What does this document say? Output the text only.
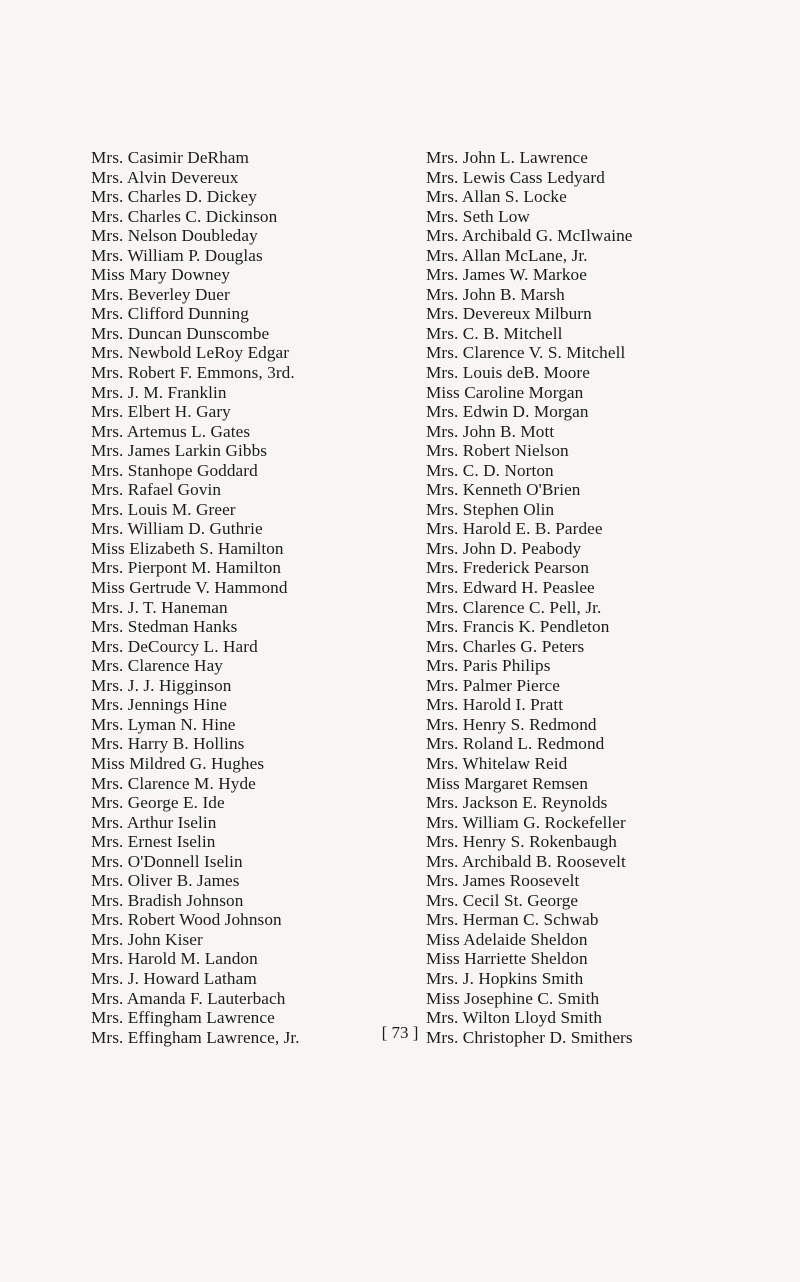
Mrs. Casimir DeRham
Mrs. Alvin Devereux
Mrs. Charles D. Dickey
Mrs. Charles C. Dickinson
Mrs. Nelson Doubleday
Mrs. William P. Douglas
Miss Mary Downey
Mrs. Beverley Duer
Mrs. Clifford Dunning
Mrs. Duncan Dunscombe
Mrs. Newbold LeRoy Edgar
Mrs. Robert F. Emmons, 3rd.
Mrs. J. M. Franklin
Mrs. Elbert H. Gary
Mrs. Artemus L. Gates
Mrs. James Larkin Gibbs
Mrs. Stanhope Goddard
Mrs. Rafael Govin
Mrs. Louis M. Greer
Mrs. William D. Guthrie
Miss Elizabeth S. Hamilton
Mrs. Pierpont M. Hamilton
Miss Gertrude V. Hammond
Mrs. J. T. Haneman
Mrs. Stedman Hanks
Mrs. DeCourcy L. Hard
Mrs. Clarence Hay
Mrs. J. J. Higginson
Mrs. Jennings Hine
Mrs. Lyman N. Hine
Mrs. Harry B. Hollins
Miss Mildred G. Hughes
Mrs. Clarence M. Hyde
Mrs. George E. Ide
Mrs. Arthur Iselin
Mrs. Ernest Iselin
Mrs. O'Donnell Iselin
Mrs. Oliver B. James
Mrs. Bradish Johnson
Mrs. Robert Wood Johnson
Mrs. John Kiser
Mrs. Harold M. Landon
Mrs. J. Howard Latham
Mrs. Amanda F. Lauterbach
Mrs. Effingham Lawrence
Mrs. Effingham Lawrence, Jr.
Mrs. John L. Lawrence
Mrs. Lewis Cass Ledyard
Mrs. Allan S. Locke
Mrs. Seth Low
Mrs. Archibald G. McIlwaine
Mrs. Allan McLane, Jr.
Mrs. James W. Markoe
Mrs. John B. Marsh
Mrs. Devereux Milburn
Mrs. C. B. Mitchell
Mrs. Clarence V. S. Mitchell
Mrs. Louis deB. Moore
Miss Caroline Morgan
Mrs. Edwin D. Morgan
Mrs. John B. Mott
Mrs. Robert Nielson
Mrs. C. D. Norton
Mrs. Kenneth O'Brien
Mrs. Stephen Olin
Mrs. Harold E. B. Pardee
Mrs. John D. Peabody
Mrs. Frederick Pearson
Mrs. Edward H. Peaslee
Mrs. Clarence C. Pell, Jr.
Mrs. Francis K. Pendleton
Mrs. Charles G. Peters
Mrs. Paris Philips
Mrs. Palmer Pierce
Mrs. Harold I. Pratt
Mrs. Henry S. Redmond
Mrs. Roland L. Redmond
Mrs. Whitelaw Reid
Miss Margaret Remsen
Mrs. Jackson E. Reynolds
Mrs. William G. Rockefeller
Mrs. Henry S. Rokenbaugh
Mrs. Archibald B. Roosevelt
Mrs. James Roosevelt
Mrs. Cecil St. George
Mrs. Herman C. Schwab
Miss Adelaide Sheldon
Miss Harriette Sheldon
Mrs. J. Hopkins Smith
Miss Josephine C. Smith
Mrs. Wilton Lloyd Smith
Mrs. Christopher D. Smithers
[ 73 ]
